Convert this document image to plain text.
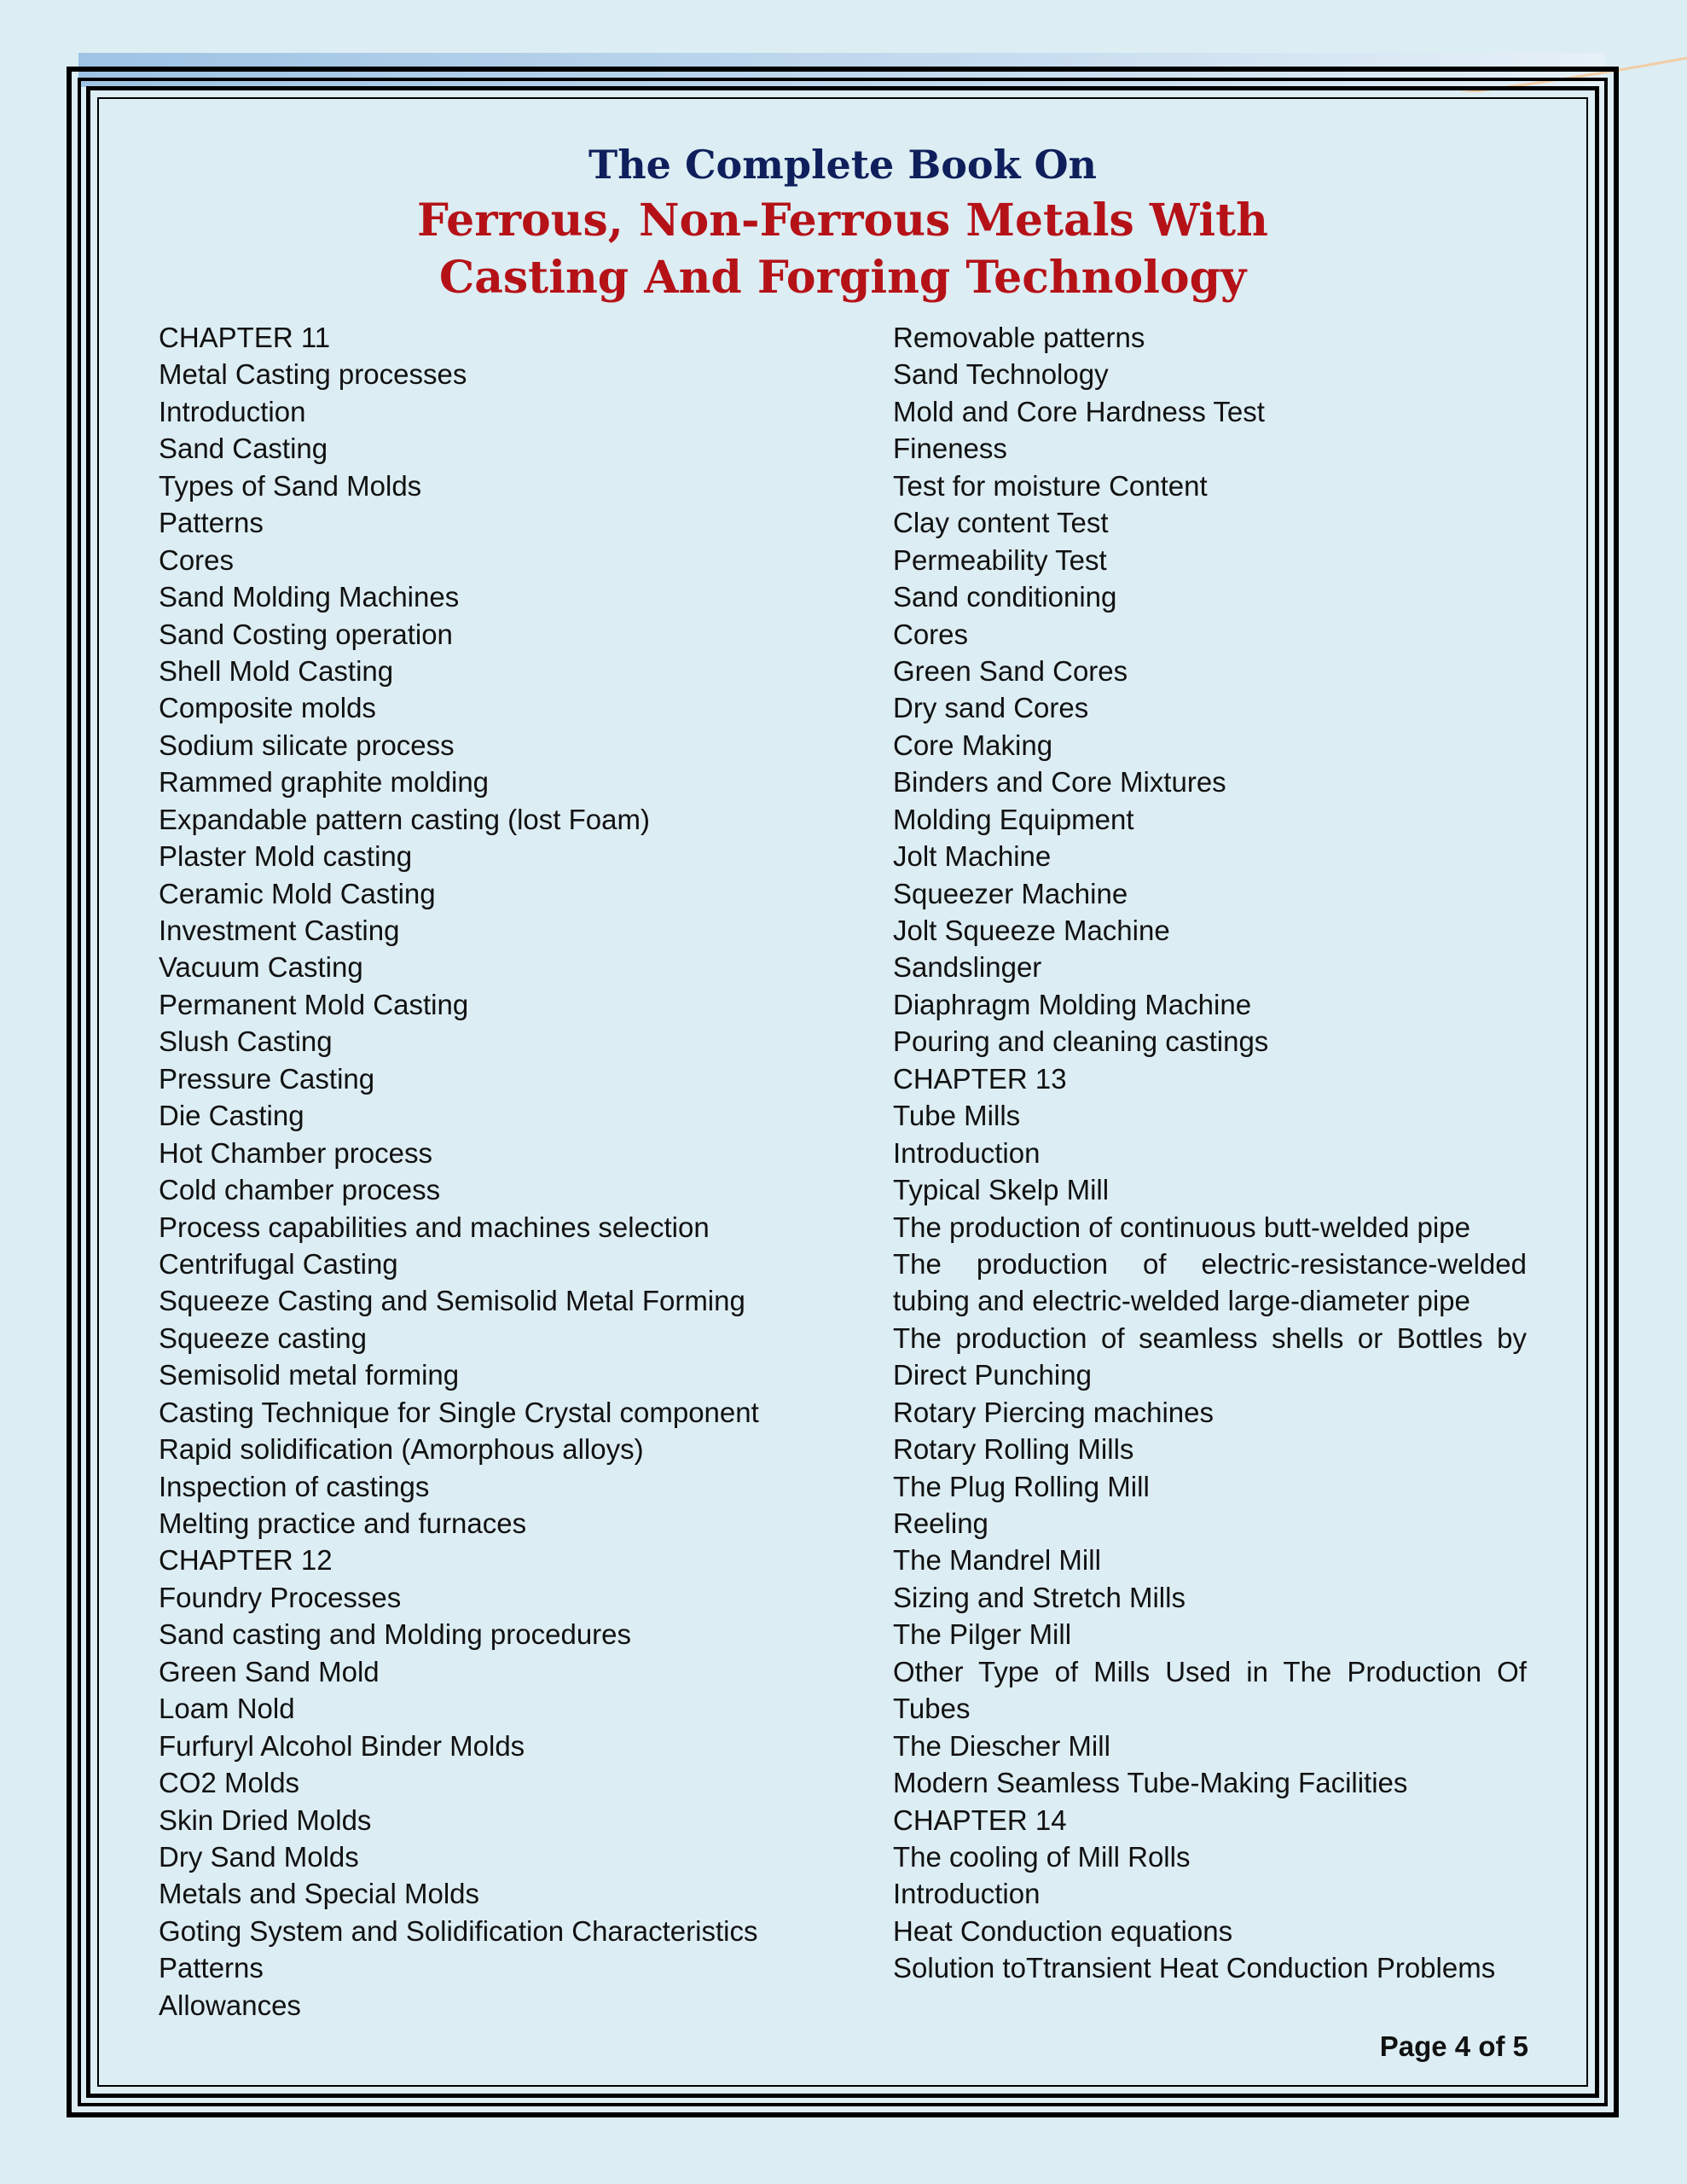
The Complete Book On
Ferrous, Non-Ferrous Metals With
Casting And Forging Technology
CHAPTER 11
Metal Casting processes
Introduction
Sand Casting
Types of Sand Molds
Patterns
Cores
Sand Molding Machines
Sand Costing operation
Shell Mold Casting
Composite molds
Sodium silicate process
Rammed graphite molding
Expandable pattern casting (lost Foam)
Plaster Mold casting
Ceramic Mold Casting
Investment Casting
Vacuum Casting
Permanent Mold Casting
Slush Casting
Pressure Casting
Die Casting
Hot Chamber process
Cold chamber process
Process capabilities and machines selection
Centrifugal Casting
Squeeze Casting and Semisolid Metal Forming
Squeeze casting
Semisolid metal forming
Casting Technique for Single Crystal component
Rapid solidification (Amorphous alloys)
Inspection of castings
Melting practice and furnaces
CHAPTER 12
Foundry Processes
Sand casting and Molding procedures
Green Sand Mold
Loam Nold
Furfuryl Alcohol Binder Molds
CO2 Molds
Skin Dried Molds
Dry Sand Molds
Metals and Special Molds
Goting System and Solidification Characteristics
Patterns
Allowances
Removable patterns
Sand Technology
Mold and Core Hardness Test
Fineness
Test for moisture Content
Clay content Test
Permeability Test
Sand conditioning
Cores
Green Sand Cores
Dry sand Cores
Core Making
Binders and Core Mixtures
Molding Equipment
Jolt Machine
Squeezer Machine
Jolt Squeeze Machine
Sandslinger
Diaphragm Molding Machine
Pouring and cleaning castings
CHAPTER 13
Tube Mills
Introduction
Typical Skelp Mill
The production of continuous butt-welded pipe
The production of electric-resistance-welded
tubing and electric-welded large-diameter pipe
The production of seamless shells or Bottles by
Direct Punching
Rotary Piercing machines
Rotary Rolling Mills
The Plug Rolling Mill
Reeling
The Mandrel Mill
Sizing and Stretch Mills
The Pilger Mill
Other Type of Mills Used in The Production Of
Tubes
The Diescher Mill
Modern Seamless Tube-Making Facilities
CHAPTER 14
The cooling of Mill Rolls
Introduction
Heat Conduction equations
Solution toTtransient Heat Conduction Problems

Page 4 of 5
